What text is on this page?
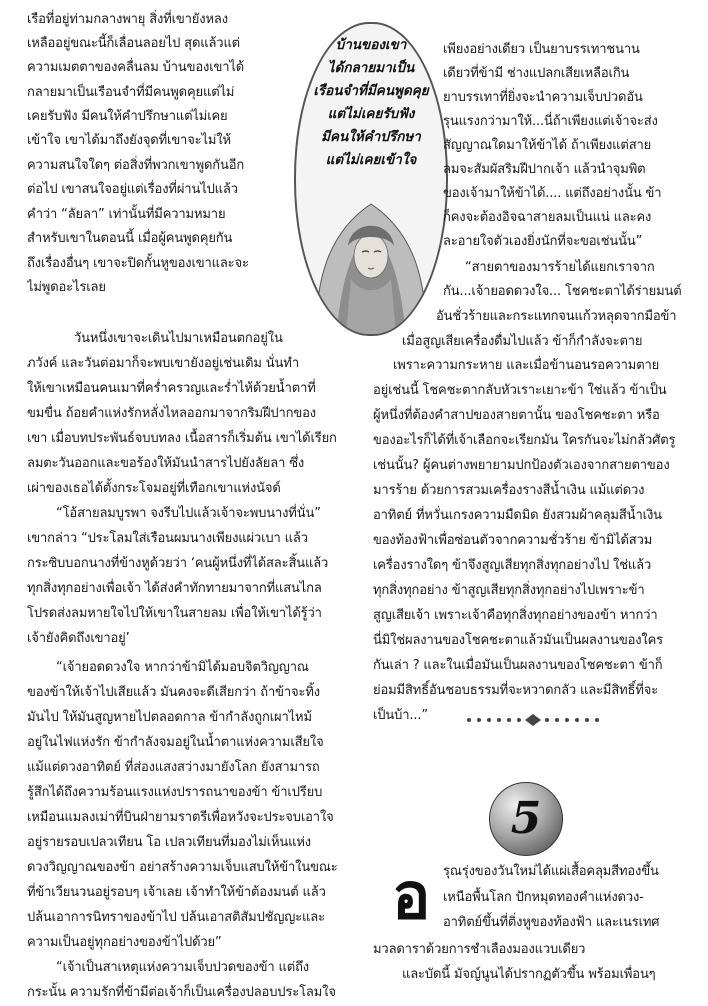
เรือที่อยู่ท่ามกลางพายุ สิ่งที่เขายังหลง
เหลืออยู่ขณะนี้ก็เลื่อนลอยไป สุดแล้วแต่
ความเมตตาของคลื่นลม บ้านของเขาได้
กลายมาเป็นเรือนจำที่มีคนพูดคุยแต่ไม่
เคยรับฟัง มีคนให้คำปรึกษาแต่ไม่เคย
เข้าใจ เขาได้มาถึงยังจุดที่เขาจะไม่ให้
ความสนใจใดๆ ต่อสิ่งที่พวกเขาพูดกันอีก
ต่อไป เขาสนใจอยู่แต่เรื่องที่ผ่านไปแล้ว
คำว่า “ลัยลา” เท่านั้นที่มีความหมาย
สำหรับเขาในตอนนี้ เมื่อผู้คนพูดคุยกัน
ถึงเรื่องอื่นๆ เขาจะปิดกั้นหูของเขาและจะ
ไม่พูดอะไรเลย
บ้านของเขา
ได้กลายมาเป็น
เรือนจำที่มีคนพูดคุย
แต่ไม่เคยรับฟัง
มีคนให้คำปรึกษา
แต่ไม่เคยเข้าใจ
เพียงอย่างเดียว เป็นยาบรรเทาชนาน
เดียวที่ข้ามี ช่างแปลกเสียเหลือเกิน
ยาบรรเทาที่ยิ่งจะนำความเจ็บปวดอัน
รุนแรงกว่ามาให้...นี่ถ้าเพียงแต่เจ้าจะส่ง
สัญญาณใดมาให้ข้าได้ ถ้าเพียงแต่สาย
ลมจะสัมผัสริมฝีปากเจ้า แล้วนำจุมพิต
ของเจ้ามาให้ข้าได้.... แต่ถึงอย่างนั้น ข้า
ก็คงจะต้องอิจฉาสายลมเป็นแน่ และคง
ละอายใจตัวเองยิ่งนักที่จะขอเช่นนั้น”
“สายตาของมารร้ายได้แยกเราจาก
กัน...เจ้ายอดดวงใจ... โชคชะตาได้ร่ายมนต์
อันชั่วร้ายและกระแทกจนแก้วหลุดจากมือข้า
เมื่อสูญเสียเครื่องดื่มไปแล้ว ข้าก็กำลังจะตาย
วันหนึ่งเขาจะเดินไปมาเหมือนตกอยู่ใน
ภวังค์ และวันต่อมาก็จะพบเขายังอยู่เช่นเดิม นั่นทำ
ให้เขาเหมือนคนเมาที่คร่ำครวญและร่ำไห้ด้วยน้ำตาที่
ขมขื่น ถ้อยคำแห่งรักหลั่งไหลออกมาจากริมฝีปากของ
เขา เมื่อบทประพันธ์จบบทลง เนื้อสารก็เริ่มต้น เขาได้เรียก
ลมตะวันออกและขอร้องให้มันนำสารไปยังลัยลา ซึ่ง
เผ่าของเธอได้ตั้งกระโจมอยู่ที่เทือกเขาแห่งนัจด์
“โอ้สายลมบูรพา จงรีบไปแล้วเจ้าจะพบนางที่นั่น”
เขากล่าว “ประโลมใส่เรือนผมนางเพียงแผ่วเบา แล้ว
กระซิบบอกนางที่ข้างหูด้วยว่า ‘คนผู้หนึ่งที่ได้สละสิ้นแล้ว
ทุกสิ่งทุกอย่างเพื่อเจ้า ได้ส่งคำทักทายมาจากที่แสนไกล
โปรดส่งลมหายใจไปให้เขาในสายลม เพื่อให้เขาได้รู้ว่า
เจ้ายังคิดถึงเขาอยู่’
“เจ้ายอดดวงใจ หากว่าข้ามิได้มอบจิตวิญญาณ
ของข้าให้เจ้าไปเสียแล้ว มันคงจะดีเสียกว่า ถ้าข้าจะทิ้ง
มันไป ให้มันสูญหายไปตลอดกาล ข้ากำลังถูกเผาไหม้
อยู่ในไฟแห่งรัก ข้ากำลังจมอยู่ในน้ำตาแห่งความเสียใจ
แม้แต่ดวงอาทิตย์ ที่ส่องแสงสว่างมายังโลก ยังสามารถ
รู้สึกได้ถึงความร้อนแรงแห่งปรารถนาของข้า ข้าเปรียบ
เหมือนแมลงเม่าที่บินฝ่ายามราตรีเพื่อหวังจะประจบเอาใจ
อยู่รายรอบเปลวเทียน โอ เปลวเทียนที่มองไม่เห็นแห่ง
ดวงวิญญาณของข้า อย่าสร้างความเจ็บแสบให้ข้าในขณะ
ที่ข้าเวียนวนอยู่รอบๆ เจ้าเลย เจ้าทำให้ข้าต้องมนต์ แล้ว
ปล้นเอาการนิทราของข้าไป ปล้นเอาสติสัมปชัญญะและ
ความเป็นอยู่ทุกอย่างของข้าไปด้วย”
“เจ้าเป็นสาเหตุแห่งความเจ็บปวดของข้า แต่ถึง
กระนั้น ความรักที่ข้ามีต่อเจ้าก็เป็นเครื่องปลอบประโลมใจ
เพราะความกระหาย และเมื่อข้านอนรอความตาย
อยู่เช่นนี้ โชคชะตากลับหัวเราะเยาะข้า ใช่แล้ว ข้าเป็น
ผู้หนึ่งที่ต้องคำสาปของสายตานั้น ของโชคชะตา หรือ
ของอะไรก็ได้ที่เจ้าเลือกจะเรียกมัน ใครกันจะไม่กลัวศัตรู
เช่นนั้น? ผู้คนต่างพยายามปกป้องตัวเองจากสายตาของ
มารร้าย ด้วยการสวมเครื่องรางสีน้ำเงิน แม้แต่ดวง
อาทิตย์ ที่หวั่นเกรงความมืดมิด ยังสวมผ้าคลุมสีน้ำเงิน
ของท้องฟ้าเพื่อซ่อนตัวจากความชั่วร้าย ข้ามิได้สวม
เครื่องรางใดๆ ข้าจึงสูญเสียทุกสิ่งทุกอย่างไป ใช่แล้ว
ทุกสิ่งทุกอย่าง ข้าสูญเสียทุกสิ่งทุกอย่างไปเพราะข้า
สูญเสียเจ้า เพราะเจ้าคือทุกสิ่งทุกอย่างของข้า หากว่า
นี่มิใช่ผลงานของโชคชะตาแล้วมันเป็นผลงานของใคร
กันเล่า ? และในเมื่อมันเป็นผลงานของโชคชะตา ข้าก็
ย่อมมีสิทธิ์อันชอบธรรมที่จะหวาดกลัว และมีสิทธิ์ที่จะ
เป็นบ้า...”
5
อ รุณรุ่งของวันใหม่ได้แผ่เสื้อคลุมสีทองขึ้น
เหนือพื้นโลก ปักหมุดทองคำแห่งดวง-
อาทิตย์ขึ้นที่ติ่งหูของท้องฟ้า และเนรเทศ
มวลดาราด้วยการชำเลืองมองแวบเดียว
และบัดนี้ มัจญ์นูนได้ปรากฏตัวขึ้น พร้อมเพื่อนๆ
